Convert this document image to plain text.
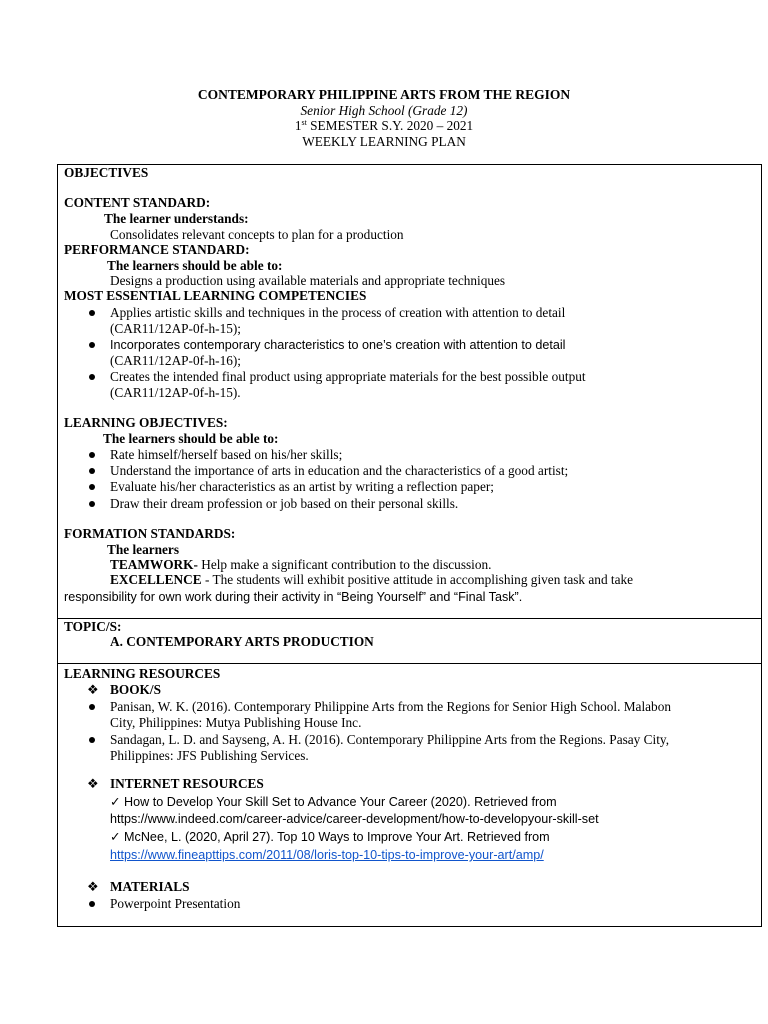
CONTEMPORARY PHILIPPINE ARTS FROM THE REGION
Senior High School (Grade 12)
1st SEMESTER S.Y. 2020 – 2021
WEEKLY LEARNING PLAN
OBJECTIVES
CONTENT STANDARD:
The learner understands:
Consolidates relevant concepts to plan for a production
PERFORMANCE STANDARD:
The learners should be able to:
Designs a production using available materials and appropriate techniques
MOST ESSENTIAL LEARNING COMPETENCIES
Applies artistic skills and techniques in the process of creation with attention to detail
(CAR11/12AP-0f-h-15);
Incorporates contemporary characteristics to one’s creation with attention to detail
(CAR11/12AP-0f-h-16);
Creates the intended final product using appropriate materials for the best possible output
(CAR11/12AP-0f-h-15).
LEARNING OBJECTIVES:
The learners should be able to:
Rate himself/herself based on his/her skills;
Understand the importance of arts in education and the characteristics of a good artist;
Evaluate his/her characteristics as an artist by writing a reflection paper;
Draw their dream profession or job based on their personal skills.
FORMATION STANDARDS:
The learners
TEAMWORK- Help make a significant contribution to the discussion.
EXCELLENCE - The students will exhibit positive attitude in accomplishing given task and take
responsibility for own work during their activity in “Being Yourself” and “Final Task”.
TOPIC/S:
A. CONTEMPORARY ARTS PRODUCTION
LEARNING RESOURCES
❖ BOOK/S
Panisan, W. K. (2016). Contemporary Philippine Arts from the Regions for Senior High School. Malabon
City, Philippines: Mutya Publishing House Inc.
Sandagan, L. D. and Sayseng, A. H. (2016). Contemporary Philippine Arts from the Regions. Pasay City,
Philippines: JFS Publishing Services.
❖ INTERNET RESOURCES
✓ How to Develop Your Skill Set to Advance Your Career (2020). Retrieved from
https://www.indeed.com/career-advice/career-development/how-to-developyour-skill-set
✓ McNee, L. (2020, April 27). Top 10 Ways to Improve Your Art. Retrieved from
https://www.fineарttips.com/2011/08/loris-top-10-tips-to-improve-your-art/amp/
❖ MATERIALS
Powerpoint Presentation
